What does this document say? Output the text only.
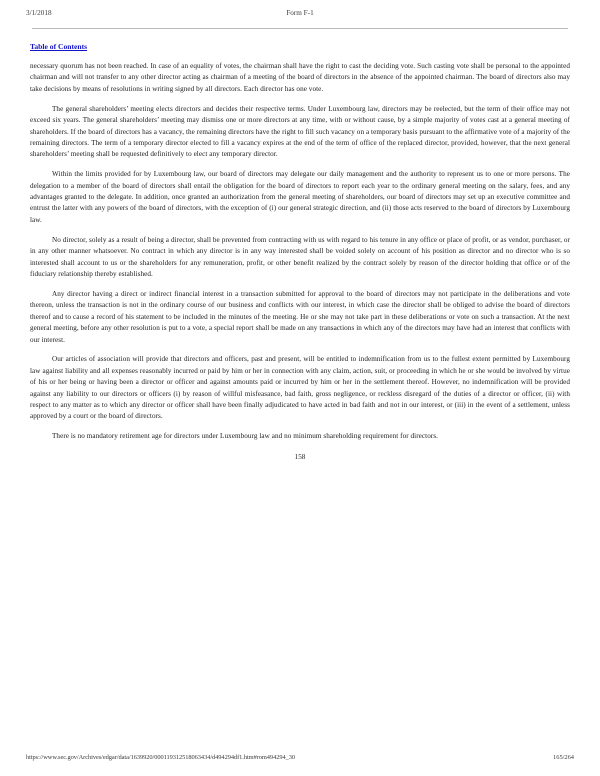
3/1/2018	Form F-1
Table of Contents

necessary quorum has not been reached. In case of an equality of votes, the chairman shall have the right to cast the deciding vote. Such casting vote shall be personal to the appointed chairman and will not transfer to any other director acting as chairman of a meeting of the board of directors in the absence of the appointed chairman. The board of directors also may take decisions by means of resolutions in writing signed by all directors. Each director has one vote.

The general shareholders’ meeting elects directors and decides their respective terms. Under Luxembourg law, directors may be reelected, but the term of their office may not exceed six years. The general shareholders’ meeting may dismiss one or more directors at any time, with or without cause, by a simple majority of votes cast at a general meeting of shareholders. If the board of directors has a vacancy, the remaining directors have the right to fill such vacancy on a temporary basis pursuant to the affirmative vote of a majority of the remaining directors. The term of a temporary director elected to fill a vacancy expires at the end of the term of office of the replaced director, provided, however, that the next general shareholders’ meeting shall be requested definitively to elect any temporary director.

Within the limits provided for by Luxembourg law, our board of directors may delegate our daily management and the authority to represent us to one or more persons. The delegation to a member of the board of directors shall entail the obligation for the board of directors to report each year to the ordinary general meeting on the salary, fees, and any advantages granted to the delegate. In addition, once granted an authorization from the general meeting of shareholders, our board of directors may set up an executive committee and entrust the latter with any powers of the board of directors, with the exception of (i) our general strategic direction, and (ii) those acts reserved to the board of directors by Luxembourg law.

No director, solely as a result of being a director, shall be prevented from contracting with us with regard to his tenure in any office or place of profit, or as vendor, purchaser, or in any other manner whatsoever. No contract in which any director is in any way interested shall be voided solely on account of his position as director and no director who is so interested shall account to us or the shareholders for any remuneration, profit, or other benefit realized by the contract solely by reason of the director holding that office or of the fiduciary relationship thereby established.

Any director having a direct or indirect financial interest in a transaction submitted for approval to the board of directors may not participate in the deliberations and vote thereon, unless the transaction is not in the ordinary course of our business and conflicts with our interest, in which case the director shall be obliged to advise the board of directors thereof and to cause a record of his statement to be included in the minutes of the meeting. He or she may not take part in these deliberations or vote on such a transaction. At the next general meeting, before any other resolution is put to a vote, a special report shall be made on any transactions in which any of the directors may have had an interest that conflicts with our interest.

Our articles of association will provide that directors and officers, past and present, will be entitled to indemnification from us to the fullest extent permitted by Luxembourg law against liability and all expenses reasonably incurred or paid by him or her in connection with any claim, action, suit, or proceeding in which he or she would be involved by virtue of his or her being or having been a director or officer and against amounts paid or incurred by him or her in the settlement thereof. However, no indemnification will be provided against any liability to our directors or officers (i) by reason of willful misfeasance, bad faith, gross negligence, or reckless disregard of the duties of a director or officer, (ii) with respect to any matter as to which any director or officer shall have been finally adjudicated to have acted in bad faith and not in our interest, or (iii) in the event of a settlement, unless approved by a court or the board of directors.

There is no mandatory retirement age for directors under Luxembourg law and no minimum shareholding requirement for directors.

158
https://www.sec.gov/Archives/edgar/data/1639920/000119312518063434/d494294df1.htm#rom494294_30	165/264
